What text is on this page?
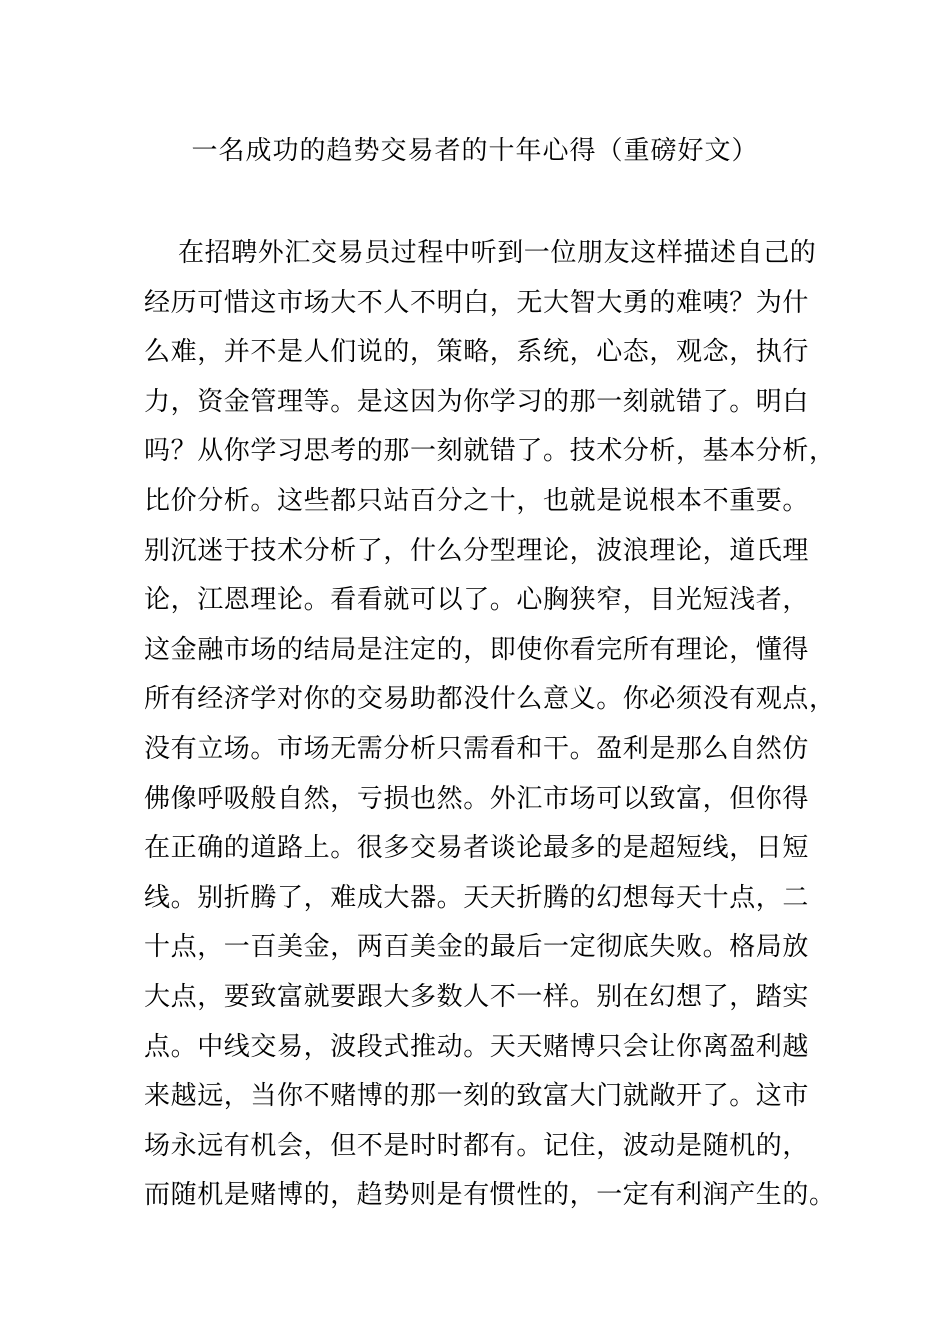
一名成功的趋势交易者的十年心得（重磅好文）
在招聘外汇交易员过程中听到一位朋友这样描述自己的
经历可惜这市场大不人不明白，无大智大勇的难咦？为什
么难，并不是人们说的，策略，系统，心态，观念，执行
力，资金管理等。是这因为你学习的那一刻就错了。明白
吗？从你学习思考的那一刻就错了。技术分析，基本分析，
比价分析。这些都只站百分之十，也就是说根本不重要。
别沉迷于技术分析了，什么分型理论，波浪理论，道氏理
论，江恩理论。看看就可以了。心胸狭窄，目光短浅者，
这金融市场的结局是注定的，即使你看完所有理论，懂得
所有经济学对你的交易助都没什么意义。你必须没有观点，
没有立场。市场无需分析只需看和干。盈利是那么自然仿
佛像呼吸般自然，亏损也然。外汇市场可以致富，但你得
在正确的道路上。很多交易者谈论最多的是超短线，日短
线。别折腾了，难成大器。天天折腾的幻想每天十点，二
十点，一百美金，两百美金的最后一定彻底失败。格局放
大点，要致富就要跟大多数人不一样。别在幻想了，踏实
点。中线交易，波段式推动。天天赌博只会让你离盈利越
来越远，当你不赌博的那一刻的致富大门就敞开了。这市
场永远有机会，但不是时时都有。记住，波动是随机的，
而随机是赌博的，趋势则是有惯性的，一定有利润产生的。
